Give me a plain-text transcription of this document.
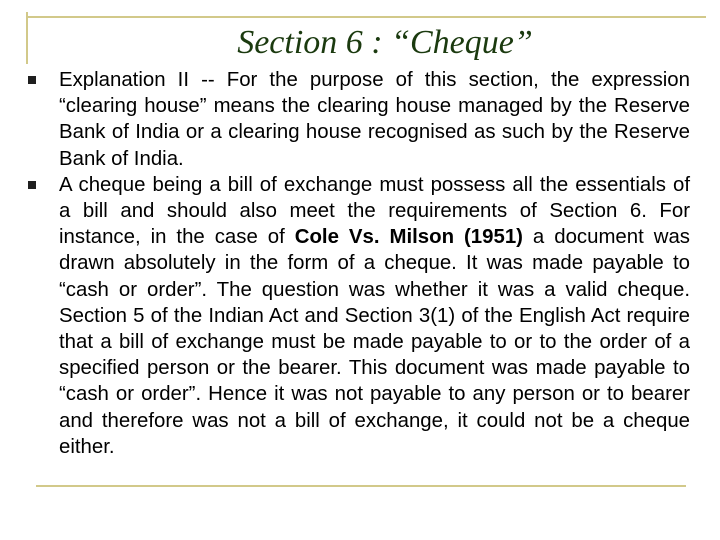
Section 6 : “Cheque”
Explanation II -- For the purpose of this section, the expression “clearing house” means the clearing house managed by the Reserve Bank of India or a clearing house recognised as such by the Reserve Bank of India.
A cheque being a bill of exchange must possess all the essentials of a bill and should also meet the requirements of Section 6. For instance, in the case of Cole Vs. Milson (1951) a document was drawn absolutely in the form of a cheque. It was made payable to “cash or order”. The question was whether it was a valid cheque. Section 5 of the Indian Act and Section 3(1) of the English Act require that a bill of exchange must be made payable to or to the order of a specified person or the bearer. This document was made payable to “cash or order”. Hence it was not payable to any person or to bearer and therefore was not a bill of exchange, it could not be a cheque either.
